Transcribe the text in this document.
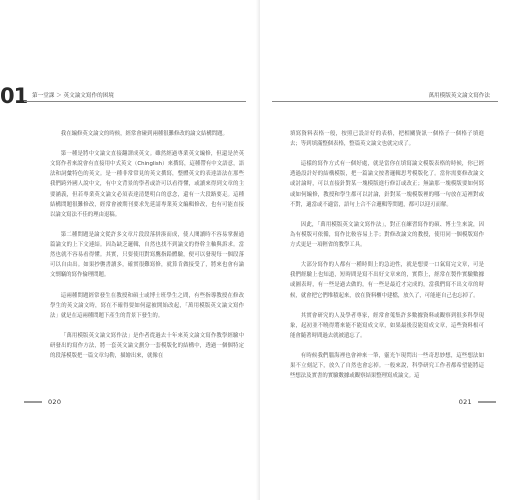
01 第一堂課 ＞ 英文論文寫作的困境

我在編修英文論文的時候，經常會碰到兩種很難修改的論文結構問題。

第一種是將中文論文直接翻譯成英文。雖然經過專業英文編修，但還是於英文寫作者來說會有直接用中式英文（Chinglish）來撰寫，這種帶有中文語意，語法和詞彙特色的英文。是一種非常常見的英文撰寫，整體英文的表達語法在那些我們跨外國人說中文，有中文背景的學者或許可以看得懂，或讀來得到文章的主要涵義，但若專業英文論文必須表達清楚明白的意念，還有一大段路要走。這種結構問題很難修改，經常會被期刊要求先延請專業英文編輯修改，也有可能直接以論文寫法不佳的理由退稿。

第二種問題是論文從許多文章片段段落拼湊而成，使人閱讀時不容易掌握通篇論文的上下文連結。因為缺乏邏輯，自然也找不到論文的脊幹主軸與訴求。當然也就不容易看得懂。其實，只要使用對寫鷹指鉛體驗，便可以發現每一個段落可以自由出。如果抄襲書讀多，確實很難寫修，就算肯做接受了，將來也會有論文剽竊的寫作倫理問題。

這兩種問題經常發生在教授和碩士或博士班學生之間，有些指導教授在修改學生的英文論文時，寫在不確得要如何還被開始改起，「萬用模版英文論文寫作法」就是在這兩種問題下產生的背景下發生的。

「萬用模版英文論文寫作法」是作者從過去十年來英文論文寫作教學經驗中研發出的寫作方法，將一套英文論文劃分一套模版化的結構中，透過一個個特定的段落模版把一篇文章勾勒，描繪出來，就像在

020
萬用模版英文論文寫作法

填寫資料表格一般，按照已設計好的表格，把相關資訊一個格子一個格子填進去；等到填滿整個表格，整篇英文論文也就完成了。

這樣的寫作方式有一個好處，就是當你在填寫論文模版表格的時候，你已經透過設計好的結構模版，把一篇論文按著邏輯思考模版化了。當你需要修改論文或討論時，可以直接針對某一塊模版進行修訂或改正；無論那一塊模版要如何寫或如何編修，教授和學生都可以討論，針對某一塊模版裡的哪一句放在這裡對或不對，適當或不適當，語句上合不合邏輯等問題，都可以迎刃而解。

因此，「萬用模版英文論文寫作法」，對正在練習寫作的碩、博士生來說，因為有模版可依循，寫作比較容易上手；對修改論文的教授，使用同一個模版寫作方式更是一項輕省的教學工具。

大部分寫作的人都有一種時間上的急迫性，就是想要一口氣寫完文章，可是我們經驗上也知道，短時間是寫不出好文章來的，實際上，經常在製作實驗數據或圖表時，有一些是過去做的，有一些是最近才完成的，當我們寫不出文章的時候，就會把它們堆積起來，放在資料櫃中建檔，放久了，可能連自己也忘掉了。

其實會研究的人及學者專家，經常會蒐集許多數據資料或觀察到很多科學現象，起初並不曉得將來能不能寫成文章，如果最後沒能寫成文章，這些資料根可能會隨著時間過去就被遺忘了。

有時候我們腦海裡也會神來一筆，靈光乍現閃出一些奇思妙想，這些想法如果不立刻記下，放久了自然也會忘掉。一般來說，科學研究工作者都希望能將這些想法及實書的實驗數據或觀察結果整理寫成論文。這

021
